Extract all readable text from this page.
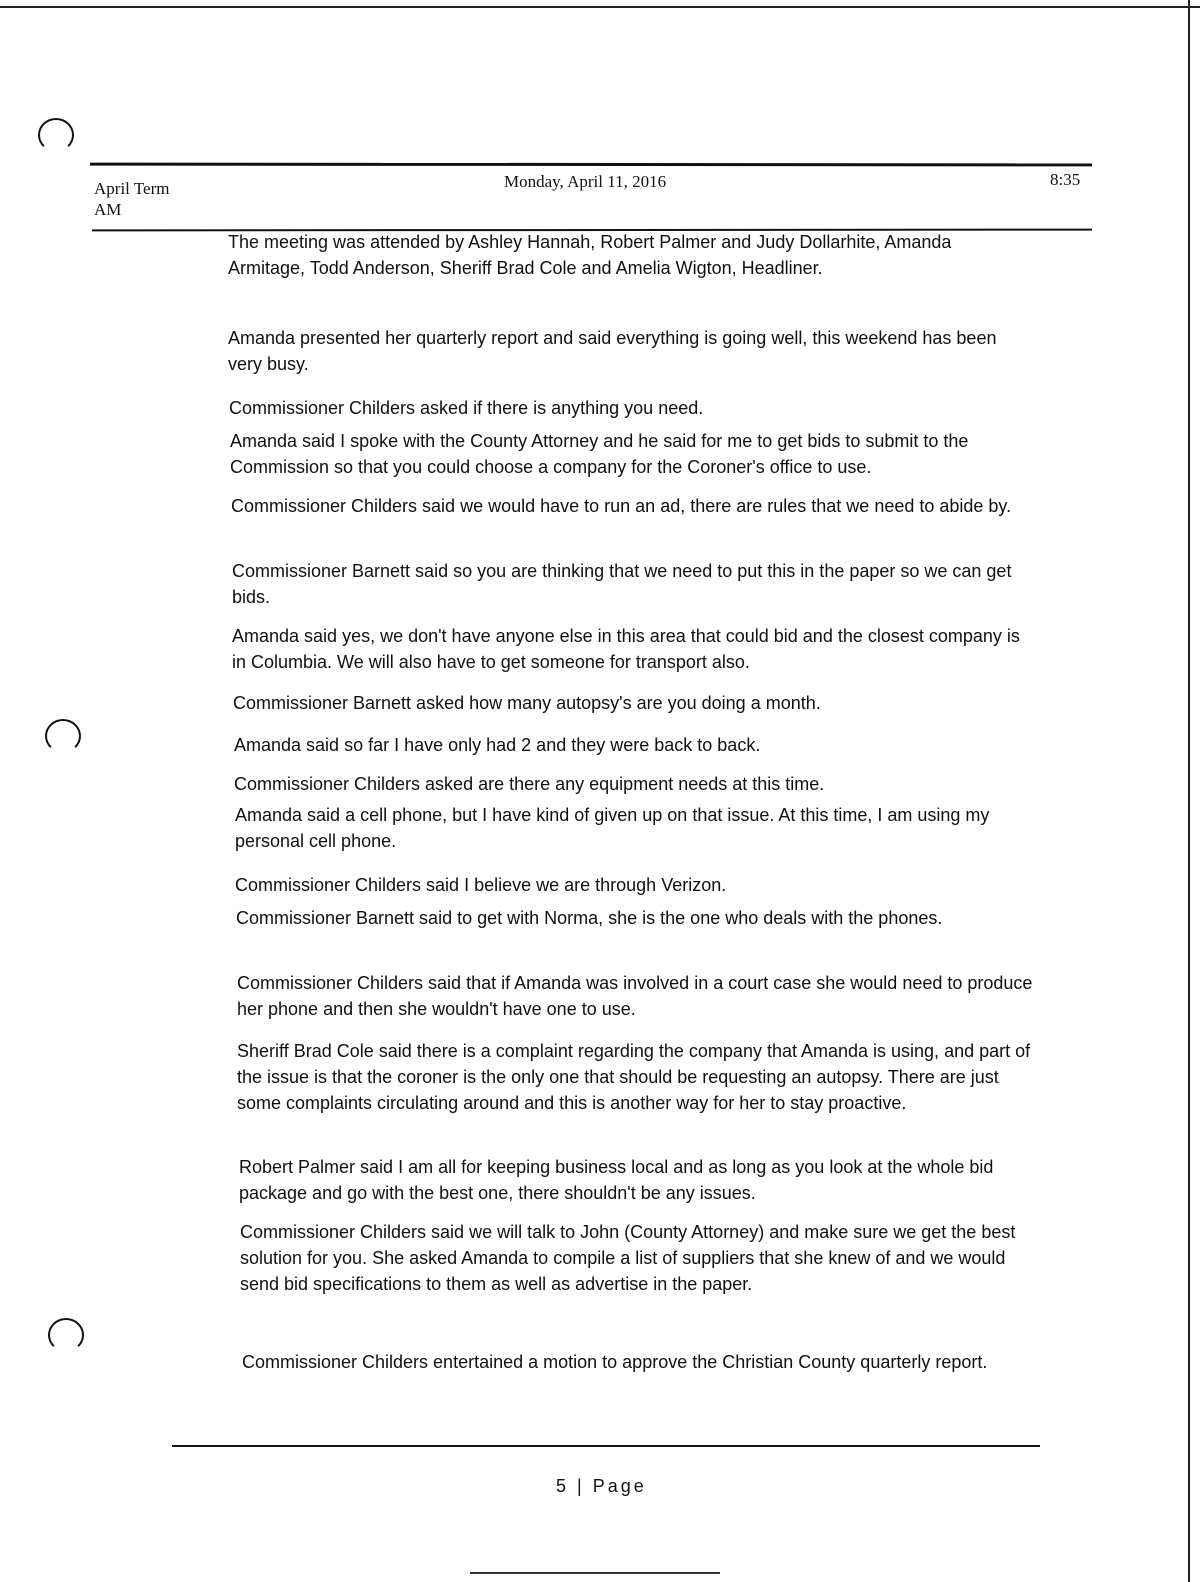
April Term
AM
Monday, April 11, 2016	8:35

The meeting was attended by Ashley Hannah, Robert Palmer and Judy Dollarhite, Amanda Armitage, Todd Anderson, Sheriff Brad Cole and Amelia Wigton, Headliner.

Amanda presented her quarterly report and said everything is going well, this weekend has been very busy.

Commissioner Childers asked if there is anything you need.

Amanda said I spoke with the County Attorney and he said for me to get bids to submit to the Commission so that you could choose a company for the Coroner's office to use.

Commissioner Childers said we would have to run an ad, there are rules that we need to abide by.

Commissioner Barnett said so you are thinking that we need to put this in the paper so we can get bids.

Amanda said yes, we don't have anyone else in this area that could bid and the closest company is in Columbia. We will also have to get someone for transport also.

Commissioner Barnett asked how many autopsy's are you doing a month.

Amanda said so far I have only had 2 and they were back to back.

Commissioner Childers asked are there any equipment needs at this time.

Amanda said a cell phone, but I have kind of given up on that issue. At this time, I am using my personal cell phone.

Commissioner Childers said I believe we are through Verizon.

Commissioner Barnett said to get with Norma, she is the one who deals with the phones.

Commissioner Childers said that if Amanda was involved in a court case she would need to produce her phone and then she wouldn't have one to use.

Sheriff Brad Cole said there is a complaint regarding the company that Amanda is using, and part of the issue is that the coroner is the only one that should be requesting an autopsy. There are just some complaints circulating around and this is another way for her to stay proactive.

Robert Palmer said I am all for keeping business local and as long as you look at the whole bid package and go with the best one, there shouldn't be any issues.

Commissioner Childers said we will talk to John (County Attorney) and make sure we get the best solution for you. She asked Amanda to compile a list of suppliers that she knew of and we would send bid specifications to them as well as advertise in the paper.

Commissioner Childers entertained a motion to approve the Christian County quarterly report.

5 | Page
